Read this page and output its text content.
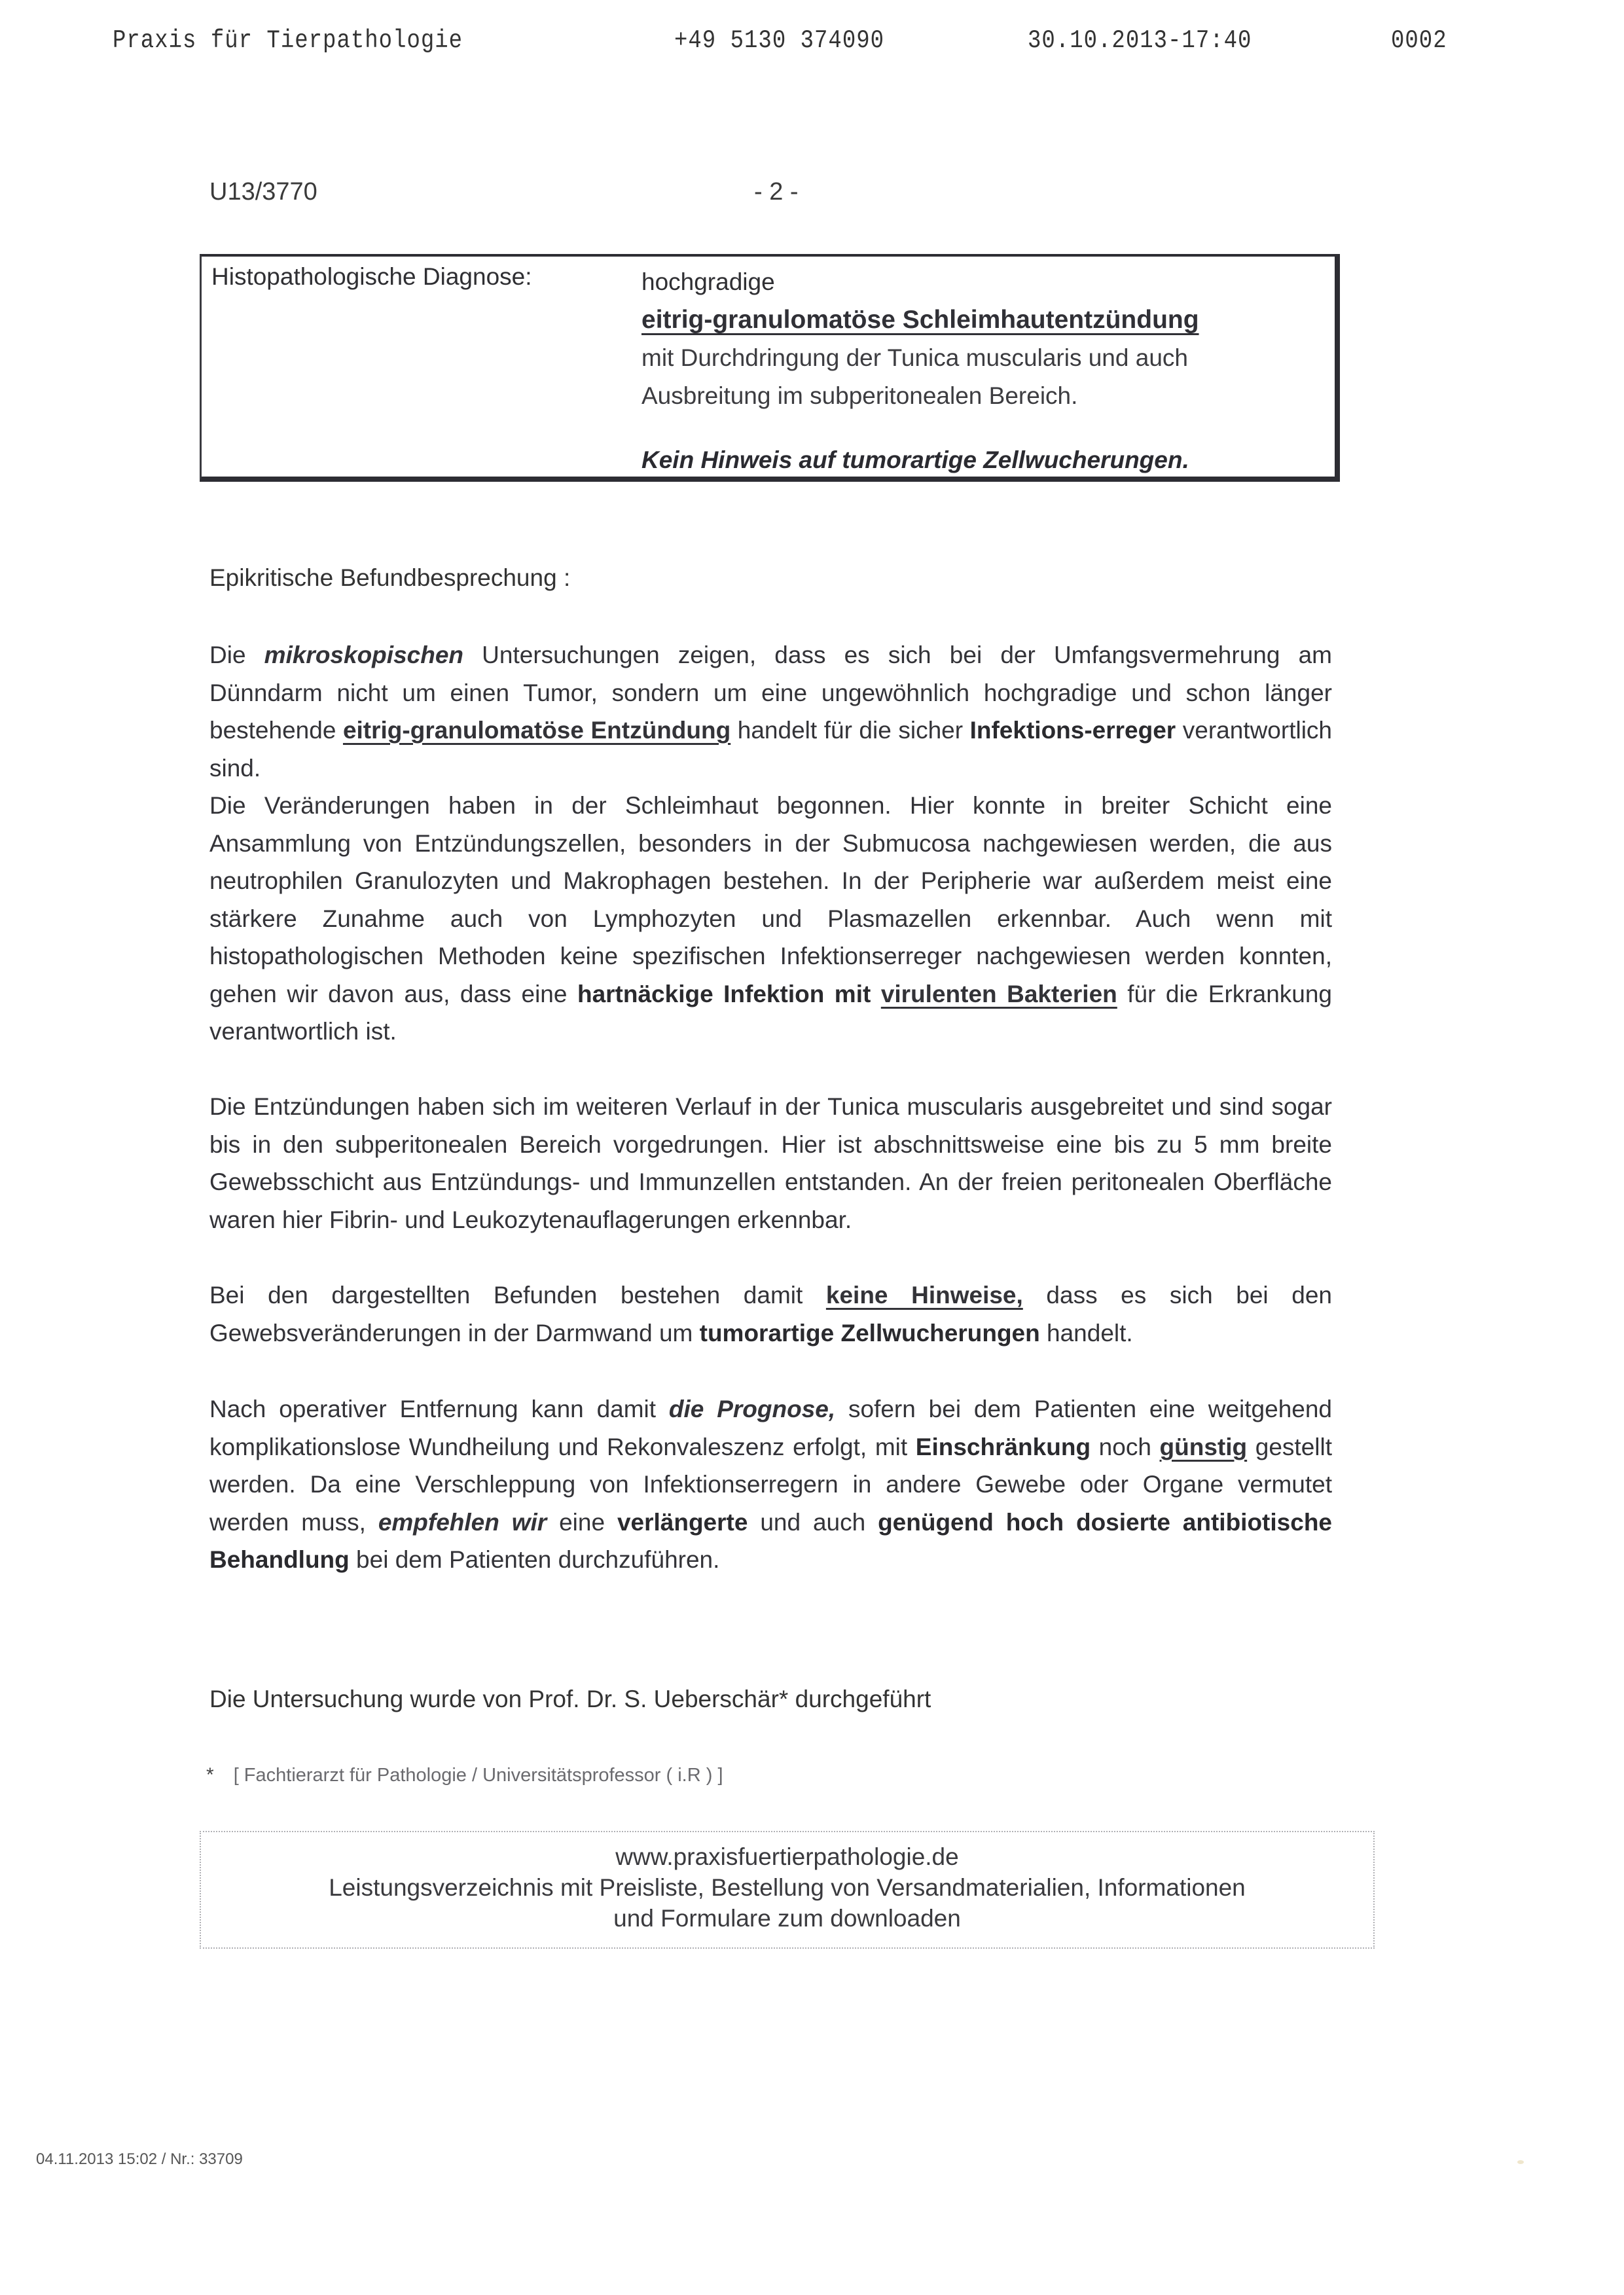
Praxis für Tierpathologie	+49 5130 374090	30.10.2013-17:40	0002
U13/3770	- 2 -
Histopathologische Diagnose:	hochgradige
eitrig-granulomatöse Schleimhautentzündung
mit Durchdringung der Tunica muscularis und auch
Ausbreitung im subperitonealen Bereich.
Kein Hinweis auf tumorartige Zellwucherungen.
Epikritische Befundbesprechung :
Die mikroskopischen Untersuchungen zeigen, dass es sich bei der Umfangsvermehrung am Dünndarm nicht um einen Tumor, sondern um eine ungewöhnlich hochgradige und schon länger bestehende eitrig-granulomatöse Entzündung handelt für die sicher Infektions-erreger verantwortlich sind.
Die Veränderungen haben in der Schleimhaut begonnen. Hier konnte in breiter Schicht eine Ansammlung von Entzündungszellen, besonders in der Submucosa nachgewiesen werden, die aus neutrophilen Granulozyten und Makrophagen bestehen. In der Peripherie war außerdem meist eine stärkere Zunahme auch von Lymphozyten und Plasmazellen erkennbar. Auch wenn mit histopathologischen Methoden keine spezifischen Infektionserreger nachgewiesen werden konnten, gehen wir davon aus, dass eine hartnäckige Infektion mit virulenten Bakterien für die Erkrankung verantwortlich ist.
Die Entzündungen haben sich im weiteren Verlauf in der Tunica muscularis ausgebreitet und sind sogar bis in den subperitonealen Bereich vorgedrungen. Hier ist abschnittsweise eine bis zu 5 mm breite Gewebsschicht aus Entzündungs- und Immunzellen entstanden. An der freien peritonealen Oberfläche waren hier Fibrin- und Leukozytenauflagerungen erkennbar.
Bei den dargestellten Befunden bestehen damit keine Hinweise, dass es sich bei den Gewebsveränderungen in der Darmwand um tumorartige Zellwucherungen handelt.
Nach operativer Entfernung kann damit die Prognose, sofern bei dem Patienten eine weitgehend komplikationslose Wundheilung und Rekonvaleszenz erfolgt, mit Einschränkung noch günstig gestellt werden. Da eine Verschleppung von Infektionserregern in andere Gewebe oder Organe vermutet werden muss, empfehlen wir eine verlängerte und auch genügend hoch dosierte antibiotische Behandlung bei dem Patienten durchzuführen.
Die Untersuchung wurde von Prof. Dr. S. Ueberschär* durchgeführt
* [ Fachtierarzt für Pathologie / Universitätsprofessor ( i.R ) ]
www.praxisfuertierpathologie.de
Leistungsverzeichnis mit Preisliste, Bestellung von Versandmaterialien, Informationen
und Formulare zum downloaden
04.11.2013 15:02 / Nr.: 33709
